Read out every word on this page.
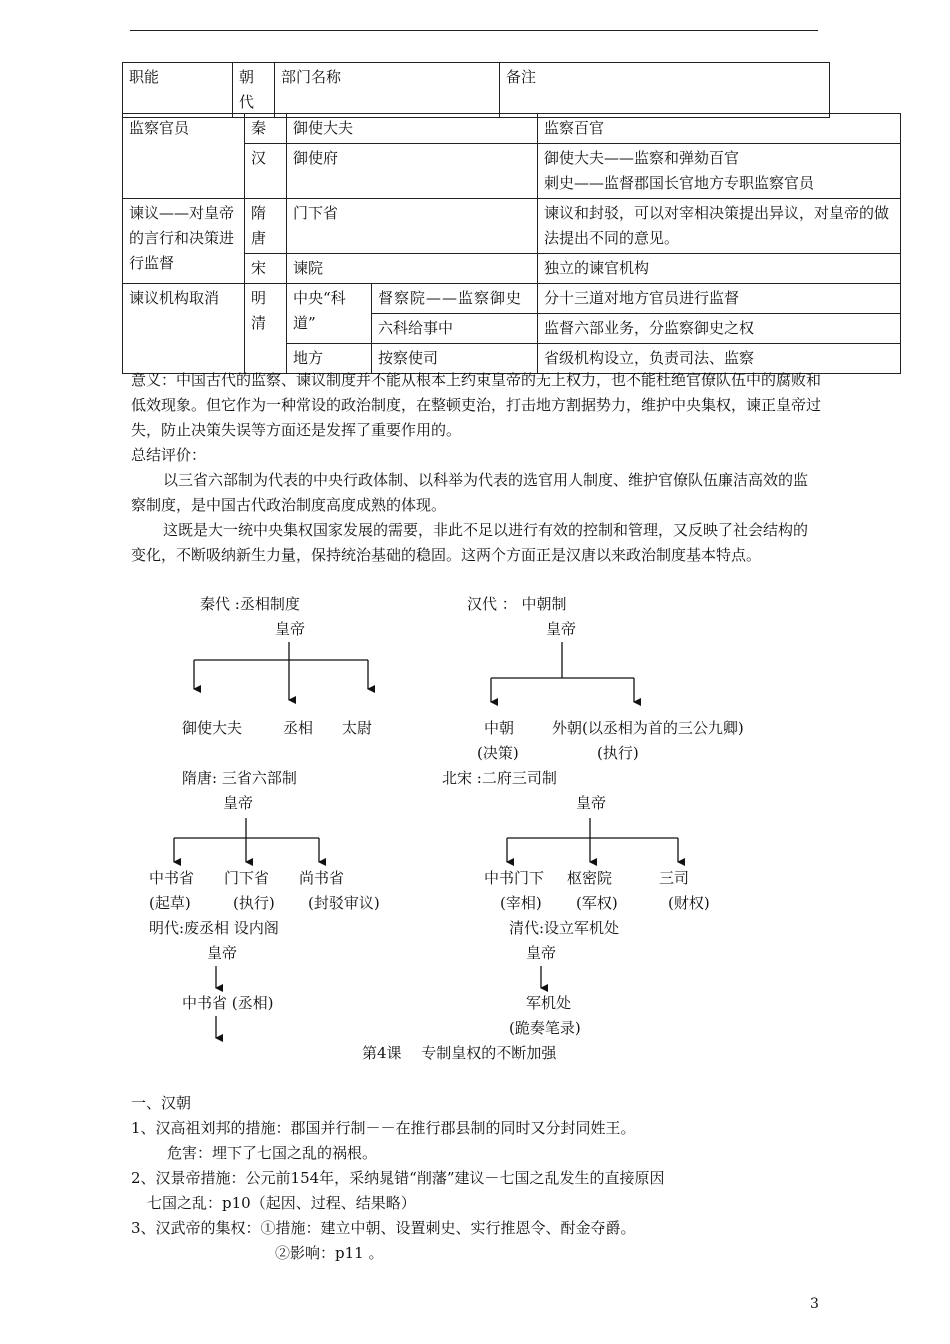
职能	朝代	部门名称	备注
监察官员	秦	御使大夫		监察百官
	汉	御使府		御使大夫——监察和弹劾百官
刺史——监督郡国长官地方专职监察官员

谏议——对皇帝的言行和决策进行监督	隋唐	门下省		谏议和封驳，可以对宰相决策提出异议，对皇帝的做法提出不同的意见。
	宋	谏院		独立的谏官机构
谏议机构取消	明清	中央“科道”	督察院——监察御史	分十三道对地方官员进行监督
			六科给事中	监督六部业务，分监察御史之权
		地方	按察使司	省级机构设立，负责司法、监察
意义：中国古代的监察、谏议制度并不能从根本上约束皇帝的无上权力，也不能杜绝官僚队伍中的腐败和低效现象。但它作为一种常设的政治制度，在整顿吏治，打击地方割据势力，维护中央集权，谏正皇帝过失，防止决策失误等方面还是发挥了重要作用的。
总结评价：
以三省六部制为代表的中央行政体制、以科举为代表的选官用人制度、维护官僚队伍廉洁高效的监察制度，是中国古代政治制度高度成熟的体现。
这既是大一统中央集权国家发展的需要，非此不足以进行有效的控制和管理，又反映了社会结构的变化，不断吸纳新生力量，保持统治基础的稳固。这两个方面正是汉唐以来政治制度基本特点。
秦代 :丞相制度
皇帝
御使大夫	丞相 太尉
汉代 ： 中朝制
皇帝
中朝
(决策)
外朝(以丞相为首的三公九卿)
(执行)
隋唐: 三省六部制
皇帝
中书省 门下省 尚书省
(起草)	(执行) (封驳审议)
北宋 :二府三司制
皇帝
中书门下 枢密院	三司
(宰相) (军权)	(财权)
明代:废丞相 设内阁
皇帝
中书省 (丞相)
清代:设立军机处
皇帝
军机处
(跪奏笔录)
第4课　 专制皇权的不断加强
一、汉朝
1、汉高祖刘邦的措施：郡国并行制－－在推行郡县制的同时又分封同姓王。
危害：埋下了七国之乱的祸根。
2、汉景帝措施：公元前154年，采纳晁错“削藩”建议－七国之乱发生的直接原因
七国之乱：p10（起因、过程、结果略）
3、汉武帝的集权：①措施：建立中朝、设置刺史、实行推恩令、酎金夺爵。
②影响：p11 。
3
